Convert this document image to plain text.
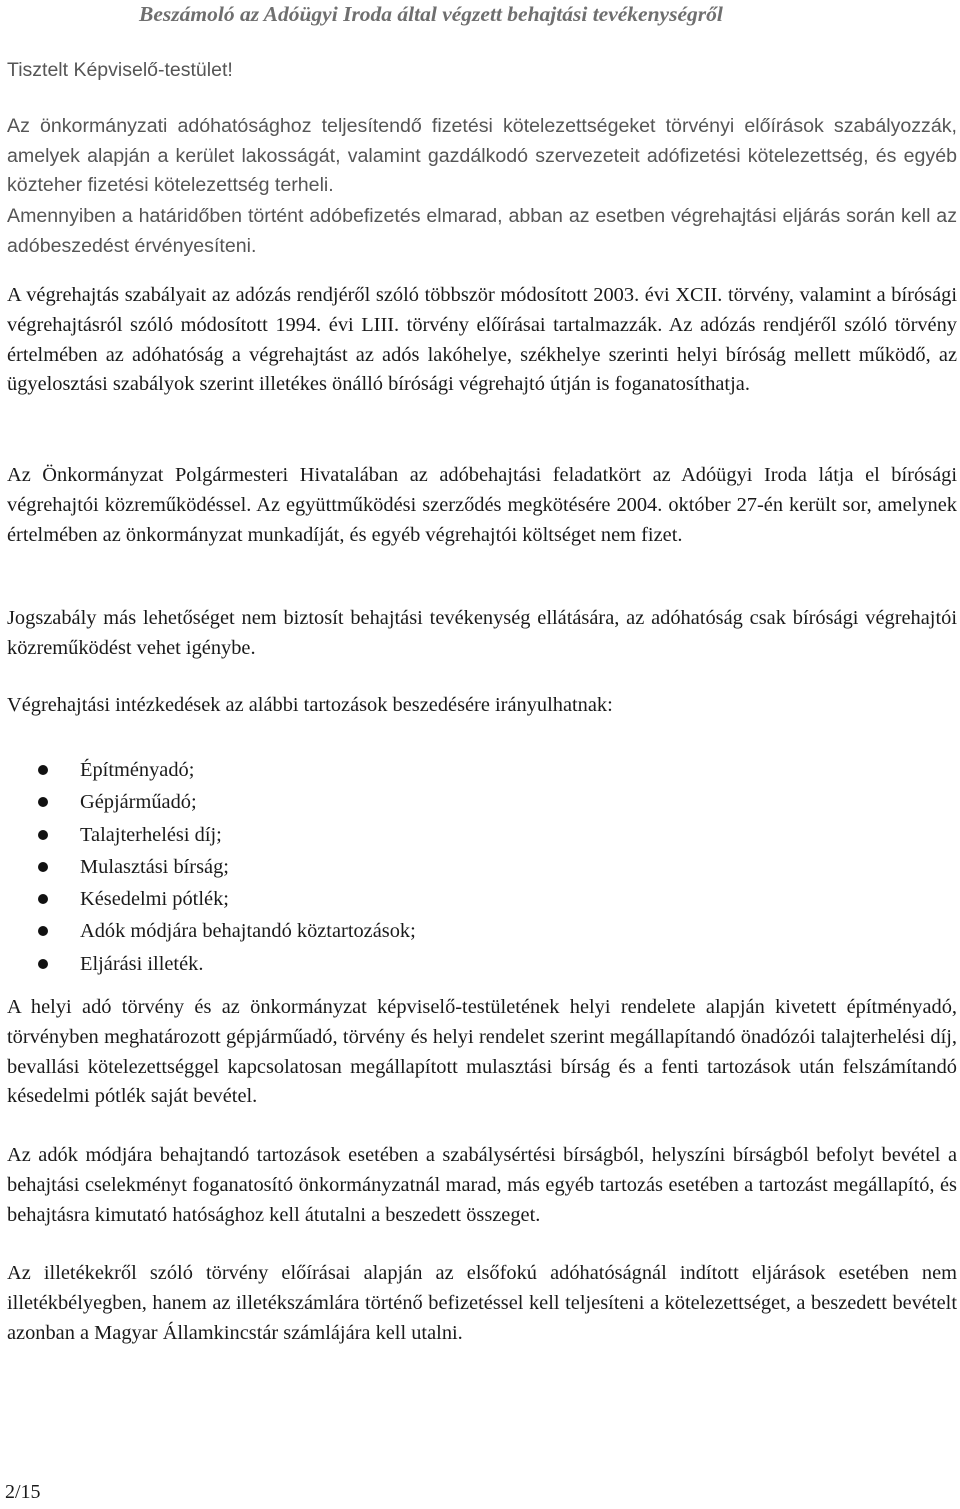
Beszámoló az Adóügyi Iroda által végzett behajtási tevékenységről
Tisztelt Képviselő-testület!

Az önkormányzati adóhatósághoz teljesítendő fizetési kötelezettségeket törvényi előírások szabályozzák, amelyek alapján a kerület lakosságát, valamint gazdálkodó szervezeteit adófizetési kötelezettség, és egyéb közteher fizetési kötelezettség terheli.

Amennyiben a határidőben történt adóbefizetés elmarad, abban az esetben végrehajtási eljárás során kell az adóbeszedést érvényesíteni.

A végrehajtás szabályait az adózás rendjéről szóló többször módosított 2003. évi XCII. törvény, valamint a bírósági végrehajtásról szóló módosított 1994. évi LIII. törvény előírásai tartalmazzák. Az adózás rendjéről szóló törvény értelmében az adóhatóság a végrehajtást az adós lakóhelye, székhelye szerinti helyi bíróság mellett működő, az ügyelosztási szabályok szerint illetékes önálló bírósági végrehajtó útján is foganatosíthatja.

Az Önkormányzat Polgármesteri Hivatalában az adóbehajtási feladatkört az Adóügyi Iroda látja el bírósági végrehajtói közreműködéssel. Az együttműködési szerződés megkötésére 2004. október 27-én került sor, amelynek értelmében az önkormányzat munkadíját, és egyéb végrehajtói költséget nem fizet.

Jogszabály más lehetőséget nem biztosít behajtási tevékenység ellátására, az adóhatóság csak bírósági végrehajtói közreműködést vehet igénybe.

Végrehajtási intézkedések az alábbi tartozások beszedésére irányulhatnak:

Építményadó;
Gépjárműadó;
Talajterhelési díj;
Mulasztási bírság;
Késedelmi pótlék;
Adók módjára behajtandó köztartozások;
Eljárási illeték.

A helyi adó törvény és az önkormányzat képviselő-testületének helyi rendelete alapján kivetett építményadó, törvényben meghatározott gépjárműadó, törvény és helyi rendelet szerint megállapítandó önadózói talajterhelési díj, bevallási kötelezettséggel kapcsolatosan megállapított mulasztási bírság és a fenti tartozások után felszámítandó késedelmi pótlék saját bevétel.

Az adók módjára behajtandó tartozások esetében a szabálysértési bírságból, helyszíni bírságból befolyt bevétel a behajtási cselekményt foganatosító önkormányzatnál marad, más egyéb tartozás esetében a tartozást megállapító, és behajtásra kimutató hatósághoz kell átutalni a beszedett összeget.

Az illetékekről szóló törvény előírásai alapján az elsőfokú adóhatóságnál indított eljárások esetében nem illetékbélyegben, hanem az illetékszámlára történő befizetéssel kell teljesíteni a kötelezettséget, a beszedett bevételt azonban a Magyar Államkincstár számlájára kell utalni.

2/15
